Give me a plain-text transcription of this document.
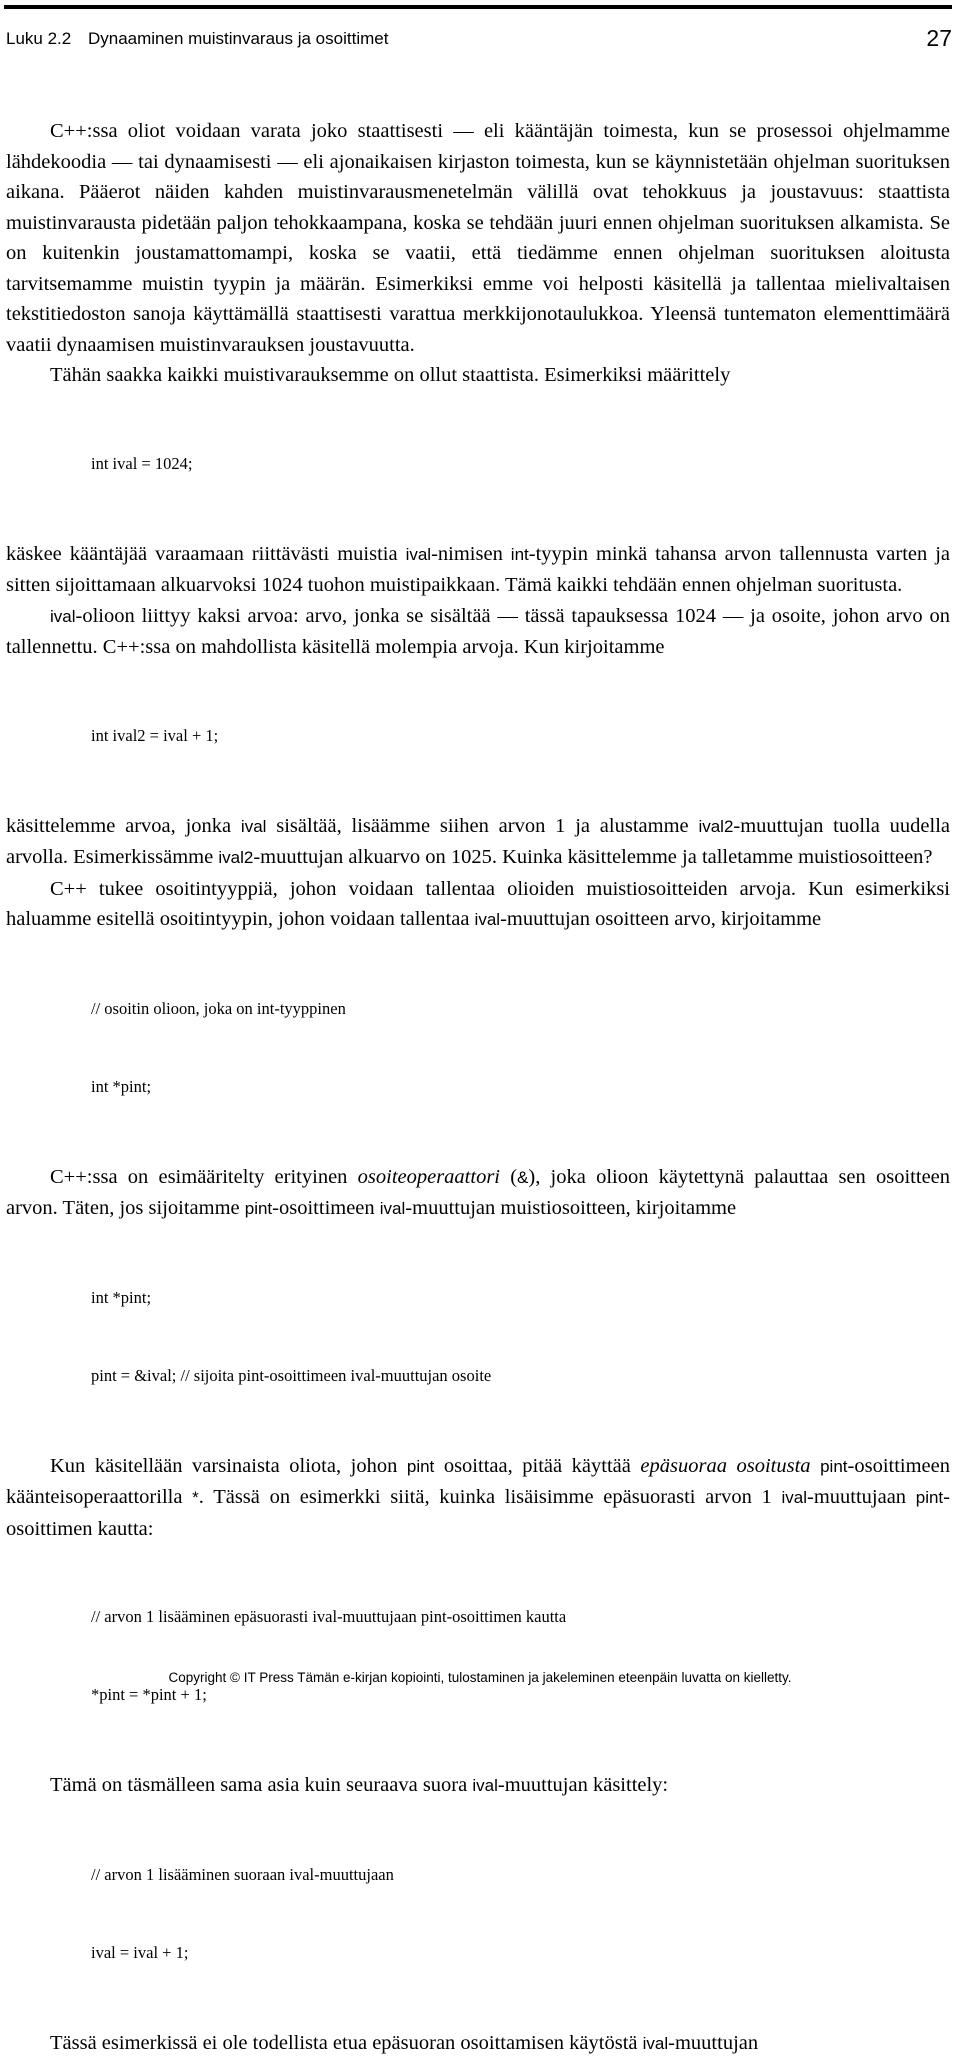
Luku 2.2 Dynaaminen muistinvaraus ja osoittimet	27

C++:ssa oliot voidaan varata joko staattisesti — eli kääntäjän toimesta, kun se prosessoi ohjelmamme lähdekoodia — tai dynaamisesti — eli ajonaikaisen kirjaston toimesta, kun se käynnistetään ohjelman suorituksen aikana. Pääerot näiden kahden muistinvarausmenetelmän välillä ovat tehokkuus ja joustavuus: staattista muistinvarausta pidetään paljon tehokkaampana, koska se tehdään juuri ennen ohjelman suorituksen alkamista. Se on kuitenkin joustamattomampi, koska se vaatii, että tiedämme ennen ohjelman suorituksen aloitusta tarvitsemamme muistin tyypin ja määrän. Esimerkiksi emme voi helposti käsitellä ja tallentaa mielivaltaisen tekstitiedoston sanoja käyttämällä staattisesti varattua merkkijonotaulukkoa. Yleensä tuntematon elementtimäärä vaatii dynaamisen muistinvarauksen joustavuutta.

Tähän saakka kaikki muistivarauksemme on ollut staattista. Esimerkiksi määrittely

int ival = 1024;

käskee kääntäjää varaamaan riittävästi muistia ival-nimisen int-tyypin minkä tahansa arvon tallennusta varten ja sitten sijoittamaan alkuarvoksi 1024 tuohon muistipaikkaan. Tämä kaikki tehdään ennen ohjelman suoritusta.

ival-olioon liittyy kaksi arvoa: arvo, jonka se sisältää — tässä tapauksessa 1024 — ja osoite, johon arvo on tallennettu. C++:ssa on mahdollista käsitellä molempia arvoja. Kun kirjoitamme

int ival2 = ival + 1;

käsittelemme arvoa, jonka ival sisältää, lisäämme siihen arvon 1 ja alustamme ival2-muuttujan tuolla uudella arvolla. Esimerkissämme ival2-muuttujan alkuarvo on 1025. Kuinka käsittelemme ja talletamme muistiosoitteen?

C++ tukee osoitintyyppiä, johon voidaan tallentaa olioiden muistiosoitteiden arvoja. Kun esimerkiksi haluamme esitellä osoitintyypin, johon voidaan tallentaa ival-muuttujan osoitteen arvo, kirjoitamme

// osoitin olioon, joka on int-tyyppinen

int *pint;

C++:ssa on esimääritelty erityinen osoiteoperaattori (&), joka olioon käytettynä palauttaa sen osoitteen arvon. Täten, jos sijoitamme pint-osoittimeen ival-muuttujan muistiosoitteen, kirjoitamme

int *pint;

pint = &ival; // sijoita pint-osoittimeen ival-muuttujan osoite

Kun käsitellään varsinaista oliota, johon pint osoittaa, pitää käyttää epäsuoraa osoitusta pint-osoittimeen käänteisoperaattorilla *. Tässä on esimerkki siitä, kuinka lisäisimme epäsuorasti arvon 1 ival-muuttujaan pint-osoittimen kautta:

// arvon 1 lisääminen epäsuorasti ival-muuttujaan pint-osoittimen kautta

*pint = *pint + 1;

Tämä on täsmälleen sama asia kuin seuraava suora ival-muuttujan käsittely:

// arvon 1 lisääminen suoraan ival-muuttujaan

ival = ival + 1;

Tässä esimerkissä ei ole todellista etua epäsuoran osoittamisen käytöstä ival-muuttujan

Copyright © IT Press Tämän e-kirjan kopiointi, tulostaminen ja jakeleminen eteenpäin luvatta on kielletty.
